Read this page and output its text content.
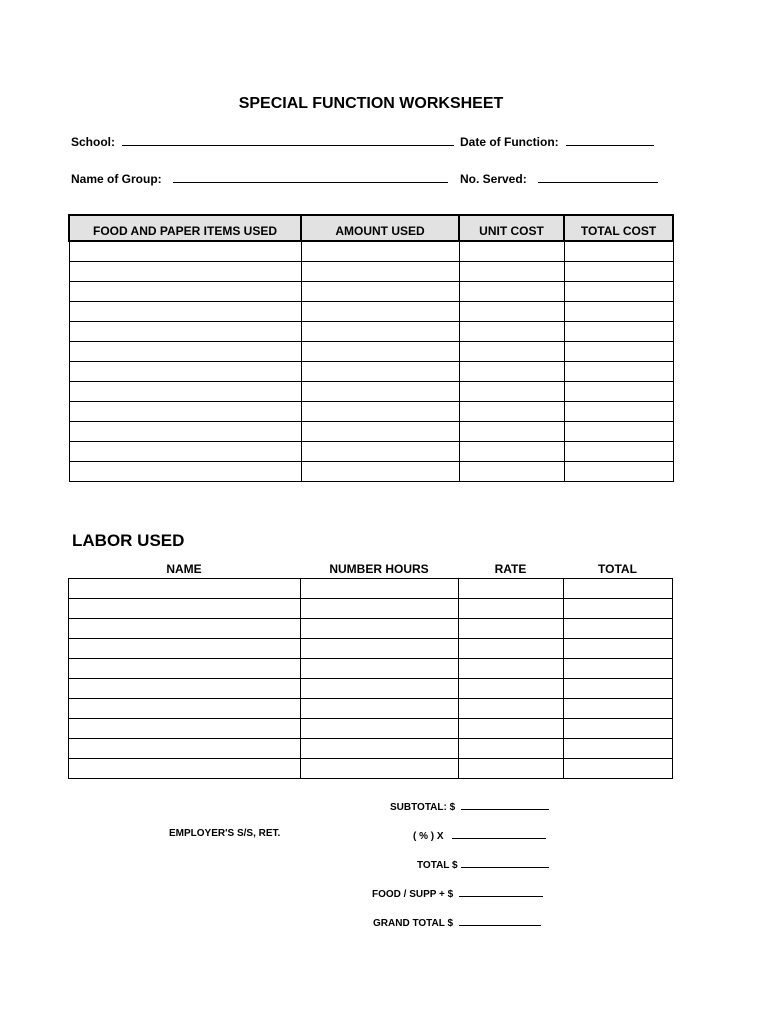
SPECIAL FUNCTION WORKSHEET
School:	Date of Function:
Name of Group:	No. Served:
FOOD AND PAPER ITEMS USED	AMOUNT USED	UNIT COST	TOTAL COST

LABOR USED
NAME	NUMBER HOURS	RATE	TOTAL

SUBTOTAL: $
EMPLOYER'S S/S, RET.	( % ) X
TOTAL $
FOOD / SUPP + $
GRAND TOTAL $
